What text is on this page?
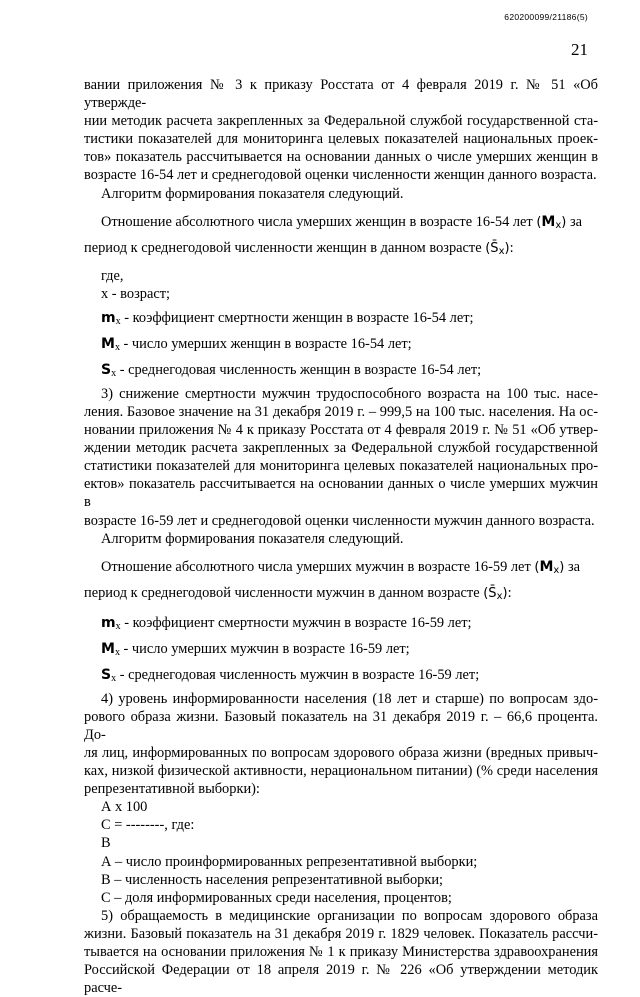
620200099/21186(5)
21

вании приложения № 3 к приказу Росстата от 4 февраля 2019 г. № 51 «Об утвержде-

нии методик расчета закрепленных за Федеральной службой государственной ста-

тистики показателей для мониторинга целевых показателей национальных проек-

тов» показатель рассчитывается на основании данных о числе умерших женщин в

возрасте 16-54 лет и среднегодовой оценки численности женщин данного возраста.

Алгоритм формирования показателя следующий.

Отношение абсолютного числа умерших женщин в возрасте 16-54 лет $(M_x)$ за

период к среднегодовой численности женщин в данном возрасте $(S̄_x)$:

где,

x - возраст;

$m_x$ - коэффициент смертности женщин в возрасте 16-54 лет;

$M_x$ - число умерших женщин в возрасте 16-54 лет;

$S_x$ - среднегодовая численность женщин в возрасте 16-54 лет;

3) снижение смертности мужчин трудоспособного возраста на 100 тыс. насе-

ления. Базовое значение на 31 декабря 2019 г. – 999,5 на 100 тыс. населения. На ос-

новании приложения № 4 к приказу Росстата от 4 февраля 2019 г. № 51 «Об утвер-

ждении методик расчета закрепленных за Федеральной службой государственной

статистики показателей для мониторинга целевых показателей национальных про-

ектов» показатель рассчитывается на основании данных о числе умерших мужчин в

возрасте 16-59 лет и среднегодовой оценки численности мужчин данного возраста.

Алгоритм формирования показателя следующий.

Отношение абсолютного числа умерших мужчин в возрасте 16-59 лет $(M_x)$ за

период к среднегодовой численности мужчин в данном возрасте $(S̄_x)$:

$m_x$ - коэффициент смертности мужчин в возрасте 16-59 лет;

$M_x$ - число умерших мужчин в возрасте 16-59 лет;

$S_x$ - среднегодовая численность мужчин в возрасте 16-59 лет;

4) уровень информированности населения (18 лет и старше) по вопросам здо-

рового образа жизни. Базовый показатель на 31 декабря 2019 г. – 66,6 процента. До-

ля лиц, информированных по вопросам здорового образа жизни (вредных привыч-

ках, низкой физической активности, нерациональном питании) (% среди населения

репрезентативной выборки):

А х 100

С = --------, где:

В

А – число проинформированных репрезентативной выборки;

В – численность населения репрезентативной выборки;

С – доля информированных среди населения, процентов;

5) обращаемость в медицинские организации по вопросам здорового образа

жизни. Базовый показатель на 31 декабря 2019 г. 1829 человек. Показатель рассчи-

тывается на основании приложения № 1 к приказу Министерства здравоохранения

Российской Федерации от 18 апреля 2019 г. № 226 «Об утверждении методик расче-
